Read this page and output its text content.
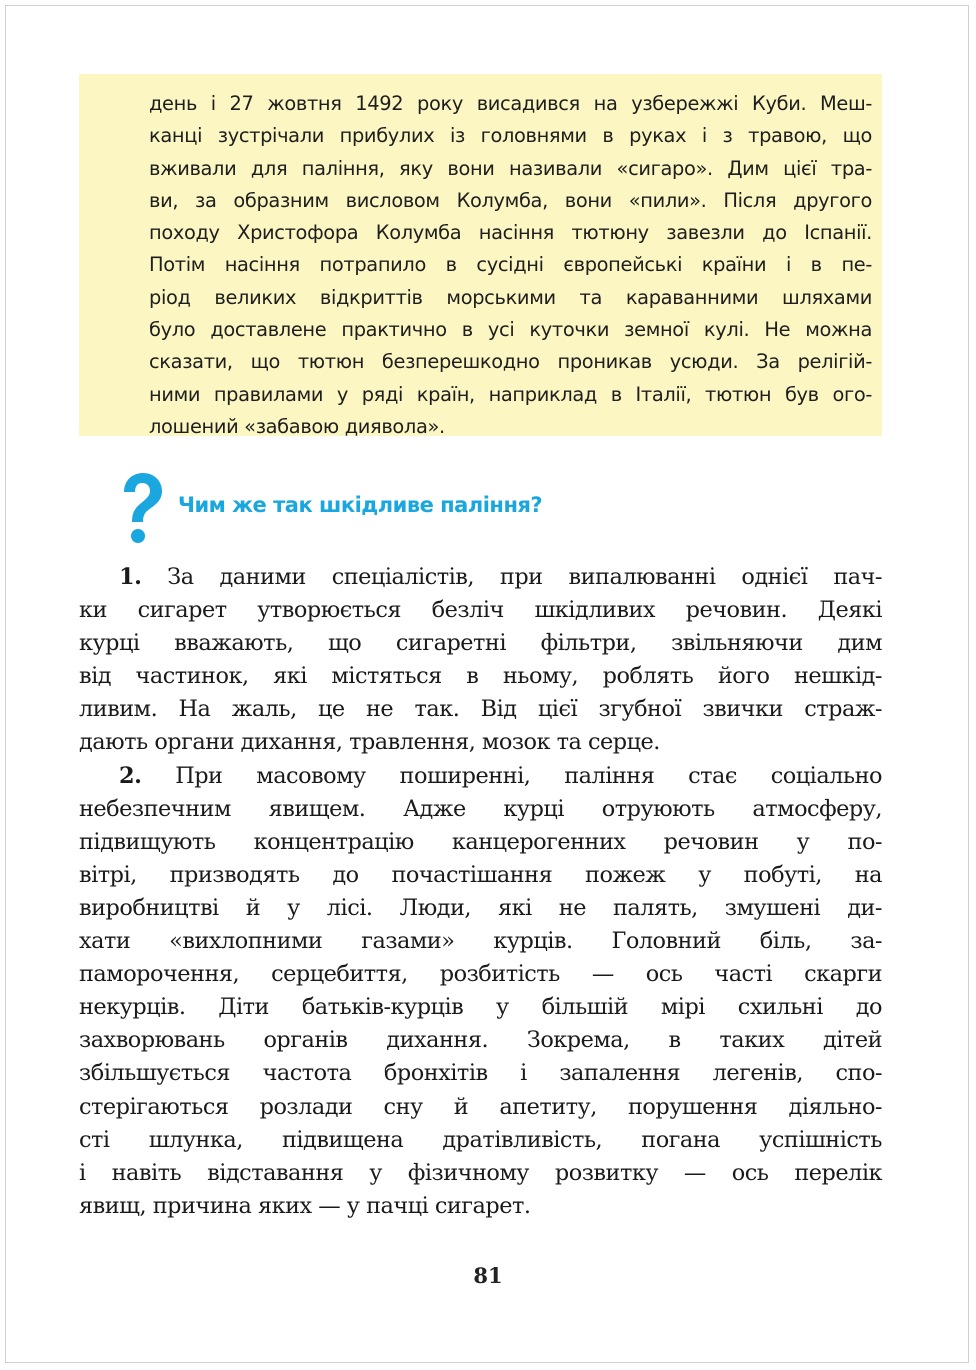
день і 27 жовтня 1492 року висадився на узбережжі Куби. Меш-
канці зустрічали прибулих із головнями в руках і з травою, що
вживали для паління, яку вони називали «сигаро». Дим цієї тра-
ви, за образним висловом Колумба, вони «пили». Після другого
походу Христофора Колумба насіння тютюну завезли до Іспанії.
Потім насіння потрапило в сусідні європейські країни і в пе-
ріод великих відкриттів морськими та караванними шляхами
було доставлене практично в усі куточки земної кулі. Не можна
сказати, що тютюн безперешкодно проникав усюди. За релігій-
ними правилами у ряді країн, наприклад в Італії, тютюн був ого-
лошений «забавою диявола».
Чим же так шкідливе паління?
1. За даними спеціалістів, при випалюванні однієї пач-
ки сигарет утворюється безліч шкідливих речовин. Деякі
курці вважають, що сигаретні фільтри, звільняючи дим
від частинок, які містяться в ньому, роблять його нешкід-
ливим. На жаль, це не так. Від цієї згубної звички страж-
дають органи дихання, травлення, мозок та серце.
2. При масовому поширенні, паління стає соціально
небезпечним явищем. Адже курці отруюють атмосферу,
підвищують концентрацію канцерогенних речовин у по-
вітрі, призводять до почастішання пожеж у побуті, на
виробництві й у лісі. Люди, які не палять, змушені ди-
хати «вихлопними газами» курців. Головний біль, за-
паморочення, серцебиття, розбитість — ось часті скарги
некурців. Діти батьків-курців у більшій мірі схильні до
захворювань органів дихання. Зокрема, в таких дітей
збільшується частота бронхітів і запалення легенів, спо-
стерігаються розлади сну й апетиту, порушення діяльно-
сті шлунка, підвищена дратівливість, погана успішність
і навіть відставання у фізичному розвитку — ось перелік
явищ, причина яких — у пачці сигарет.
81
